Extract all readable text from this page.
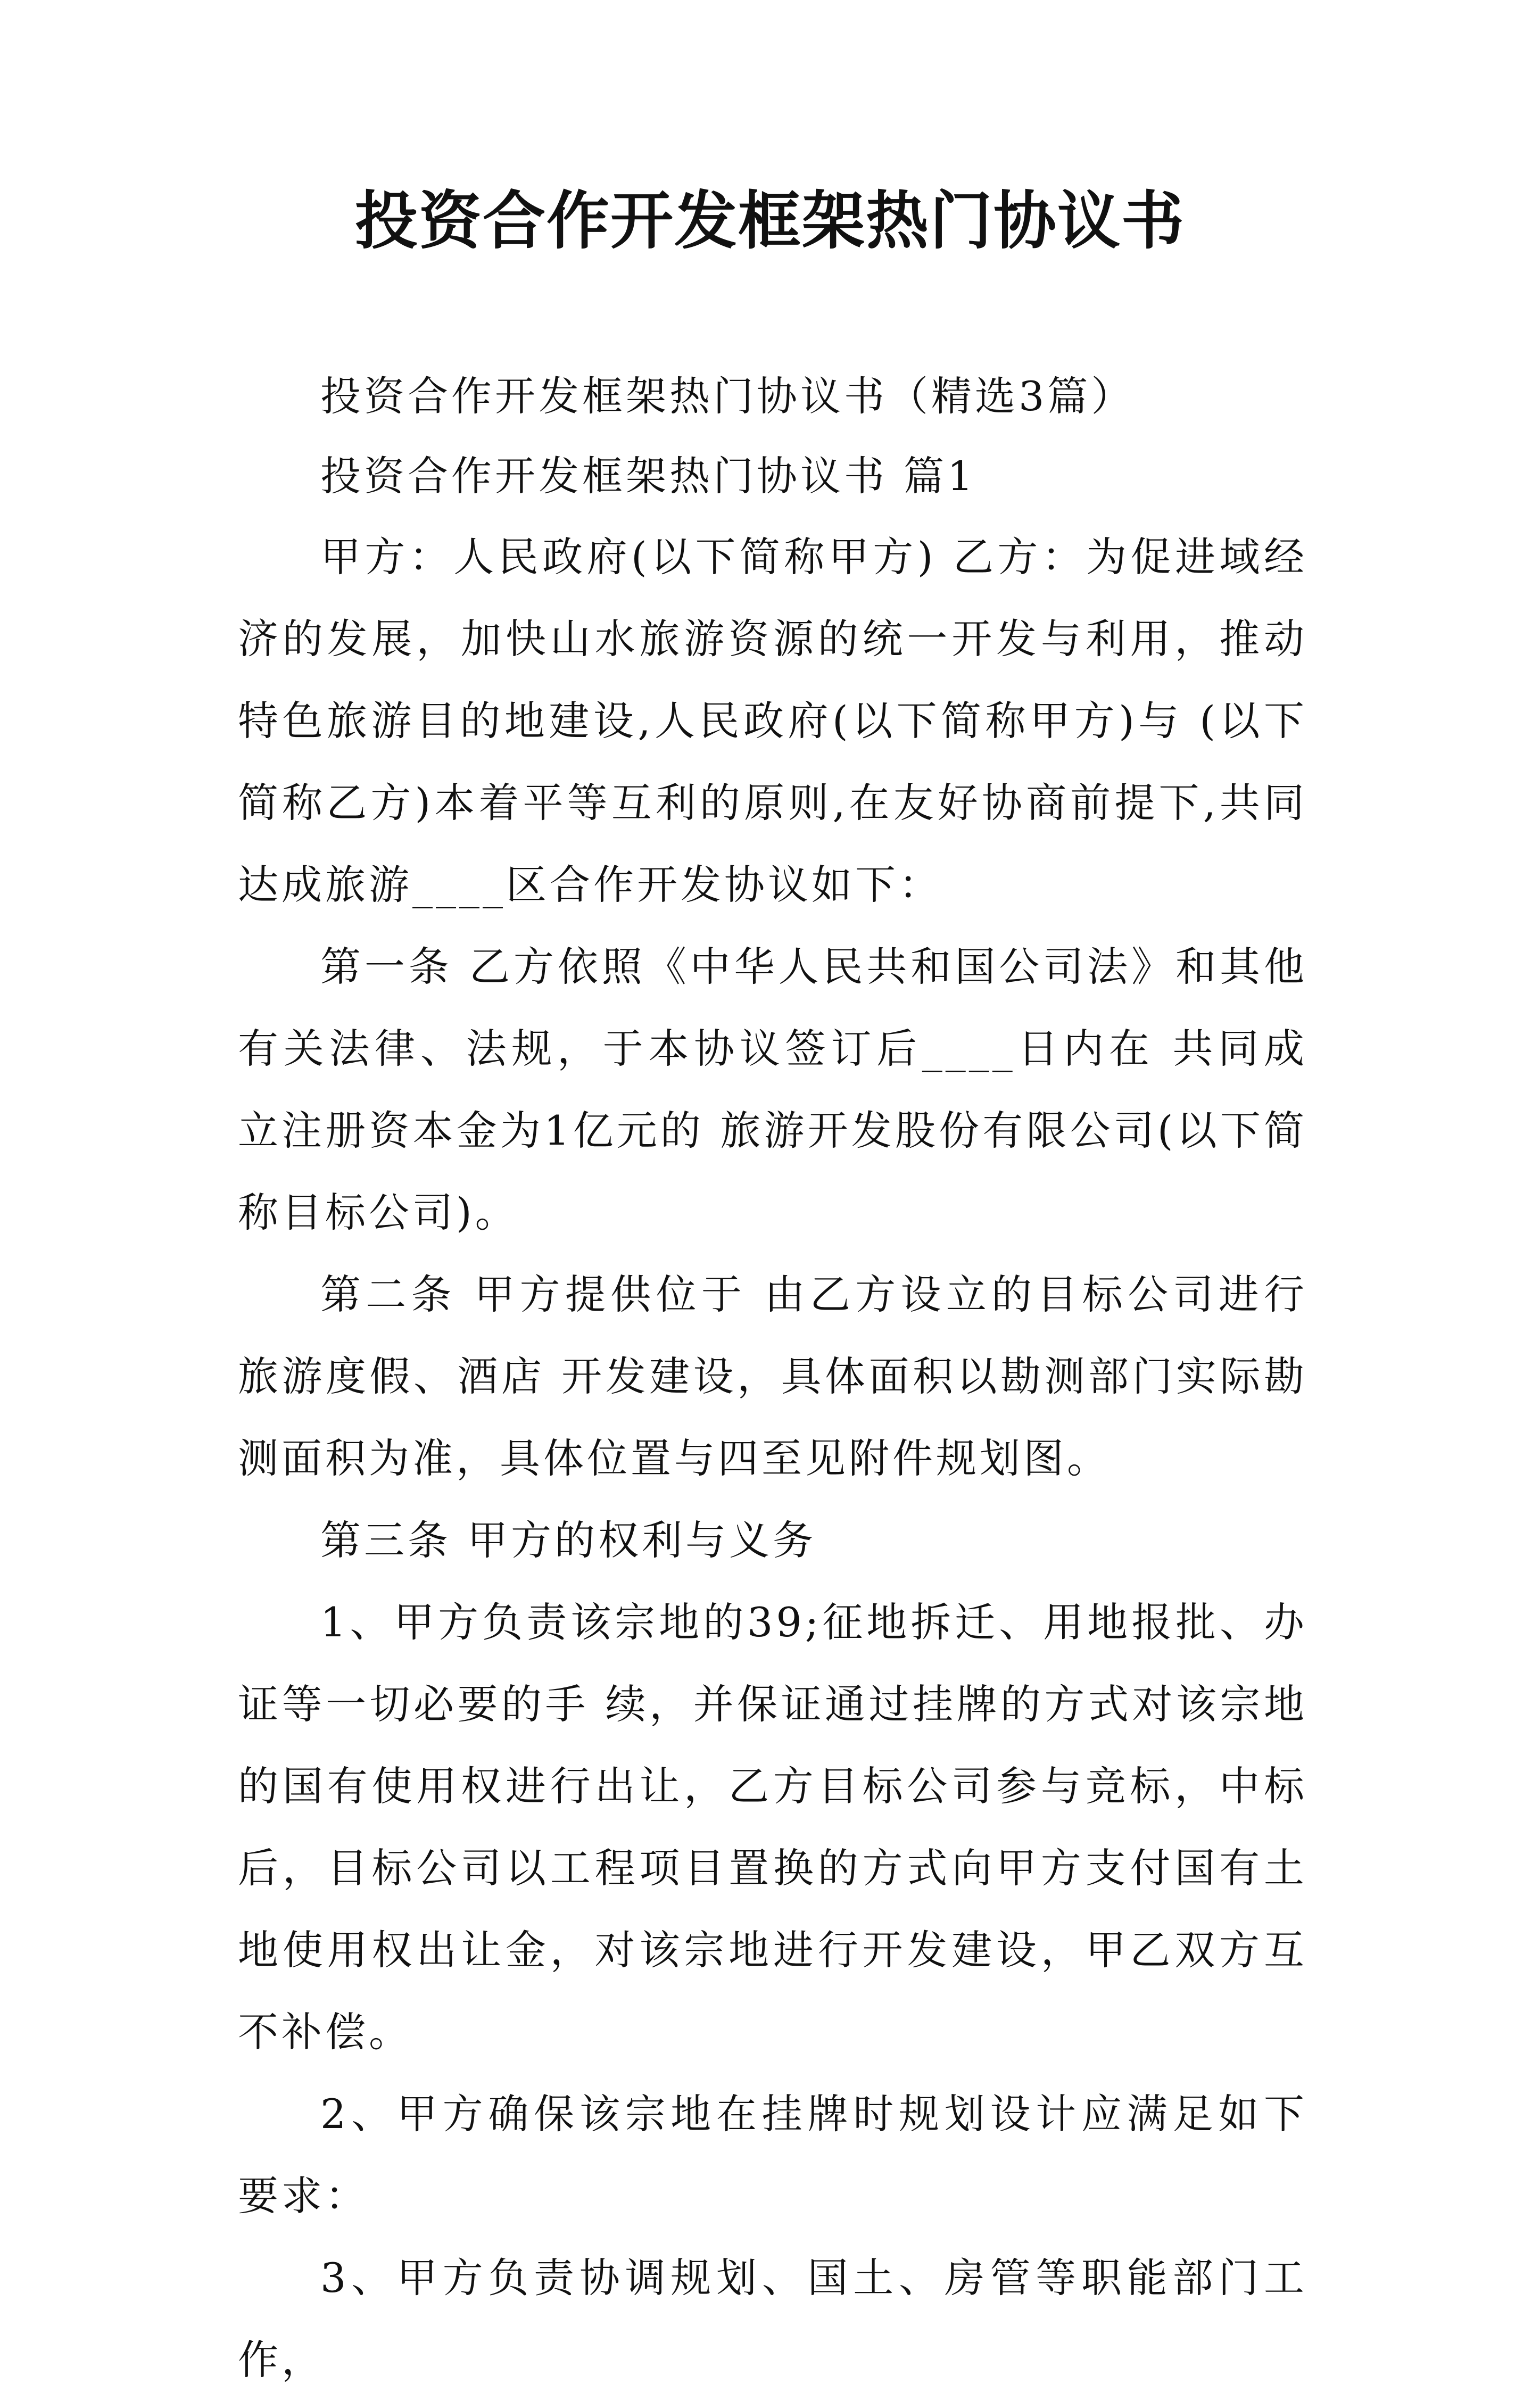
投资合作开发框架热门协议书

投资合作开发框架热门协议书（精选3篇）

投资合作开发框架热门协议书 篇1

甲方：人民政府(以下简称甲方) 乙方：为促进域经济的发展，加快山水旅游资源的统一开发与利用，推动特色旅游目的地建设,人民政府(以下简称甲方)与 (以下简称乙方)本着平等互利的原则,在友好协商前提下,共同达成旅游____区合作开发协议如下：

第一条 乙方依照《中华人民共和国公司法》和其他有关法律、法规，于本协议签订后____日内在 共同成立注册资本金为1亿元的 旅游开发股份有限公司(以下简称目标公司)。

第二条 甲方提供位于 由乙方设立的目标公司进行旅游度假、酒店 开发建设，具体面积以勘测部门实际勘测面积为准，具体位置与四至见附件规划图。

第三条 甲方的权利与义务

1、甲方负责该宗地的39;征地拆迁、用地报批、办证等一切必要的手 续，并保证通过挂牌的方式对该宗地的国有使用权进行出让，乙方目标公司参与竞标，中标后，目标公司以工程项目置换的方式向甲方支付国有土地使用权出让金，对该宗地进行开发建设，甲乙双方互不补偿。

2、甲方确保该宗地在挂牌时规划设计应满足如下要求：

3、甲方负责协调规划、国土、房管等职能部门工作，
